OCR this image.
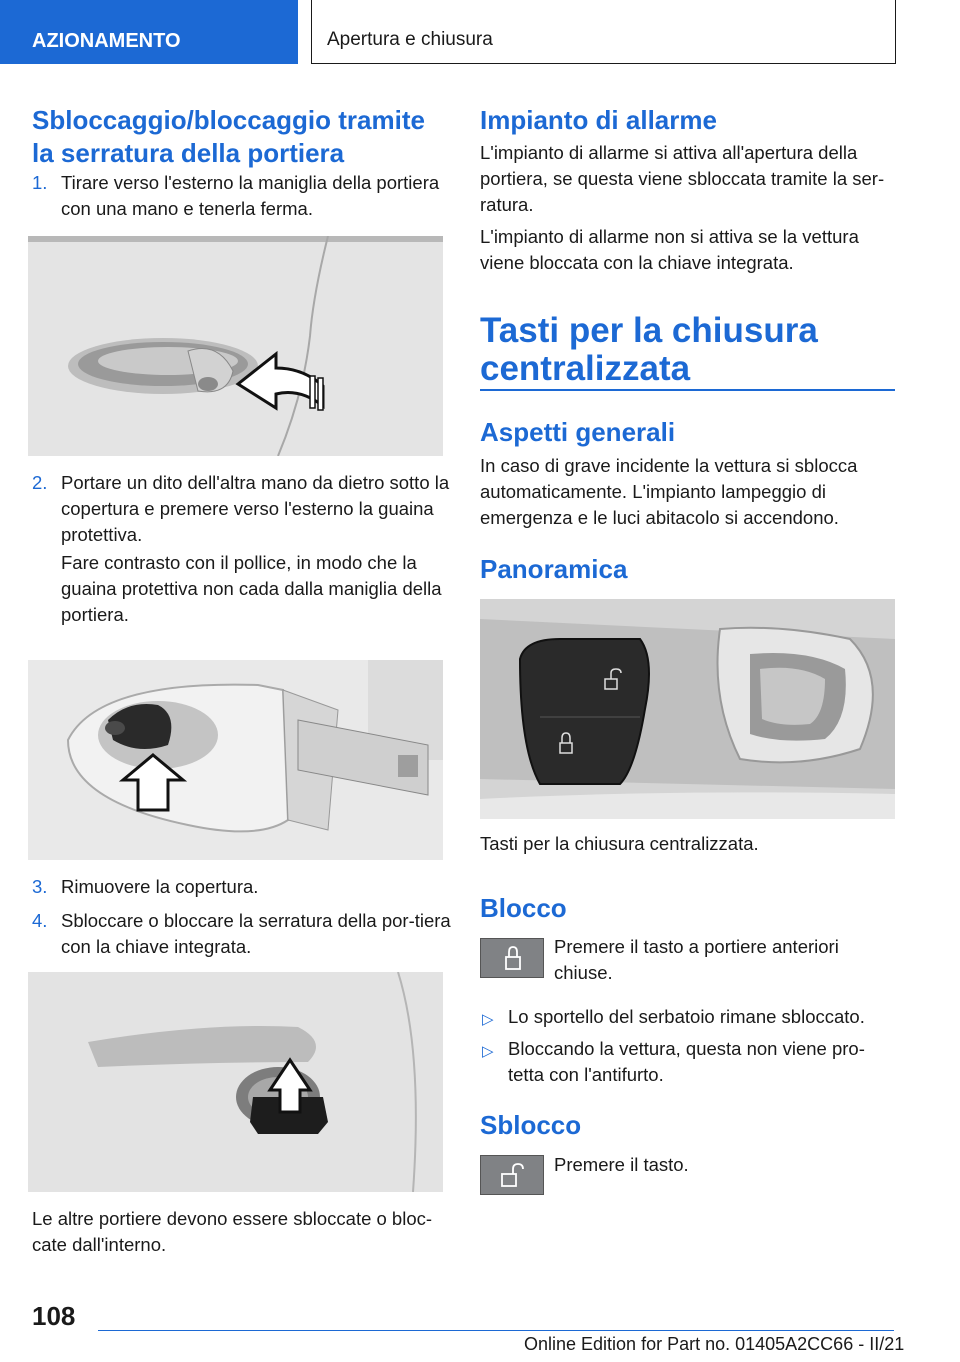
AZIONAMENTO	Apertura e chiusura
Sbloccaggio/bloccaggio tramite la serratura della portiera
1. Tirare verso l'esterno la maniglia della portiera con una mano e tenerla ferma.
2. Portare un dito dell'altra mano da dietro sotto la copertura e premere verso l'esterno la guaina protettiva.
Fare contrasto con il pollice, in modo che la guaina protettiva non cada dalla maniglia della portiera.
3. Rimuovere la copertura.
4. Sbloccare o bloccare la serratura della por-tiera con la chiave integrata.
Le altre portiere devono essere sbloccate o bloc-cate dall'interno.
Impianto di allarme
L'impianto di allarme si attiva all'apertura della portiera, se questa viene sbloccata tramite la ser-ratura.
L'impianto di allarme non si attiva se la vettura viene bloccata con la chiave integrata.
Tasti per la chiusura centralizzata
Aspetti generali
In caso di grave incidente la vettura si sblocca automaticamente. L'impianto lampeggio di emergenza e le luci abitacolo si accendono.
Panoramica
Tasti per la chiusura centralizzata.
Blocco
Premere il tasto a portiere anteriori chiuse.
▷ Lo sportello del serbatoio rimane sbloccato.
▷ Bloccando la vettura, questa non viene pro-tetta con l'antifurto.
Sblocco
Premere il tasto.
108
Online Edition for Part no. 01405A2CC66 - II/21
